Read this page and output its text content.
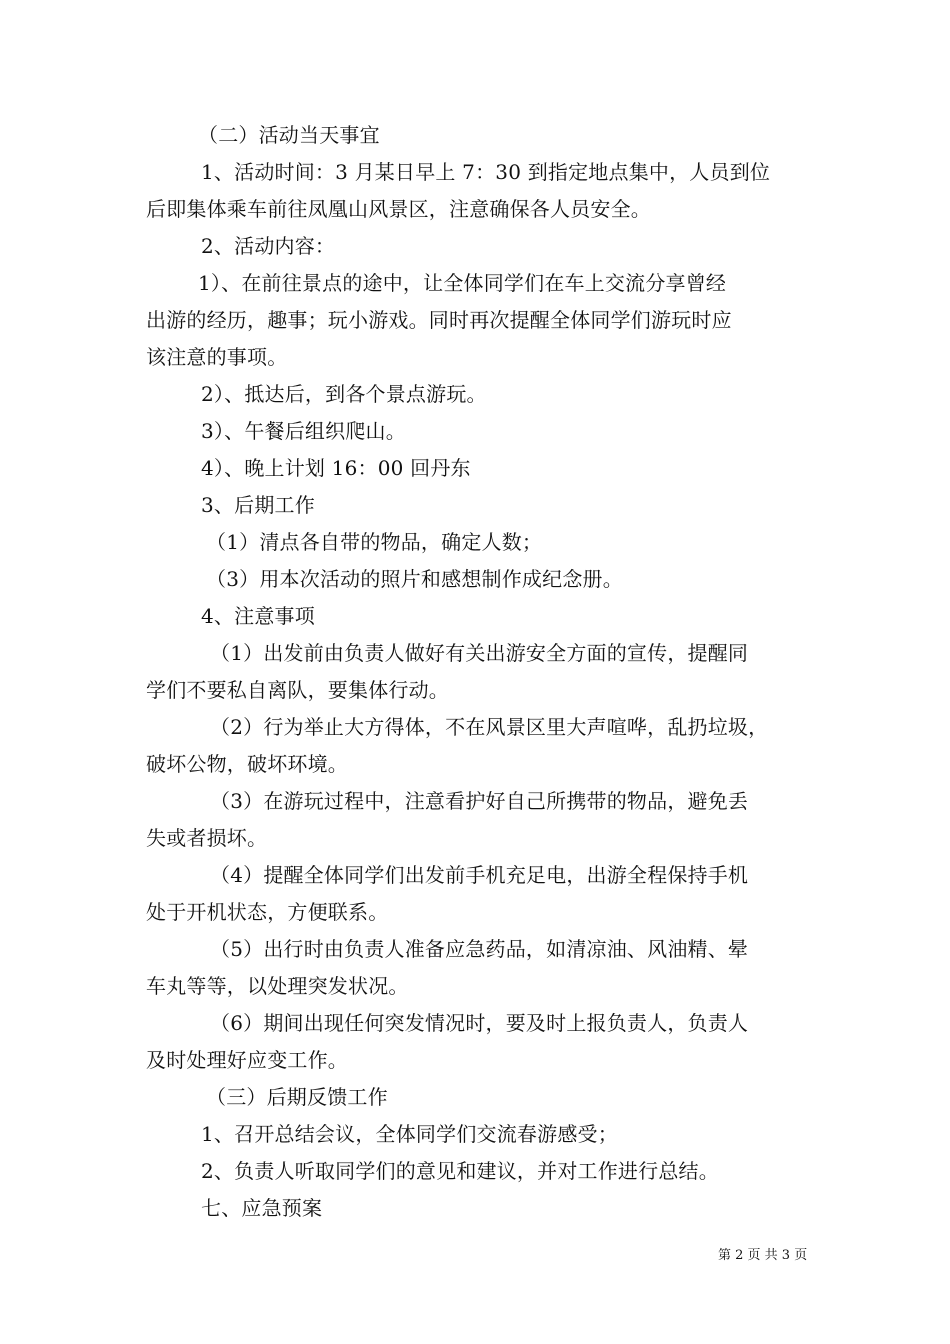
（二）活动当天事宜
1、活动时间：3 月某日早上 7：30 到指定地点集中，人员到位
后即集体乘车前往凤凰山风景区，注意确保各人员安全。
2、活动内容：
1）、在前往景点的途中，让全体同学们在车上交流分享曾经
出游的经历，趣事；玩小游戏。同时再次提醒全体同学们游玩时应
该注意的事项。
2）、抵达后，到各个景点游玩。
3）、午餐后组织爬山。
4）、晚上计划 16：00 回丹东
3、后期工作
（1）清点各自带的物品，确定人数；
（3）用本次活动的照片和感想制作成纪念册。
4、注意事项
（1）出发前由负责人做好有关出游安全方面的宣传，提醒同
学们不要私自离队，要集体行动。
（2）行为举止大方得体，不在风景区里大声喧哗，乱扔垃圾，
破坏公物，破坏环境。
（3）在游玩过程中，注意看护好自己所携带的物品，避免丢
失或者损坏。
（4）提醒全体同学们出发前手机充足电，出游全程保持手机
处于开机状态，方便联系。
（5）出行时由负责人准备应急药品，如清凉油、风油精、晕
车丸等等，以处理突发状况。
（6）期间出现任何突发情况时，要及时上报负责人，负责人
及时处理好应变工作。
（三）后期反馈工作
1、召开总结会议，全体同学们交流春游感受；
2、负责人听取同学们的意见和建议，并对工作进行总结。
七、应急预案
第 2 页 共 3 页
